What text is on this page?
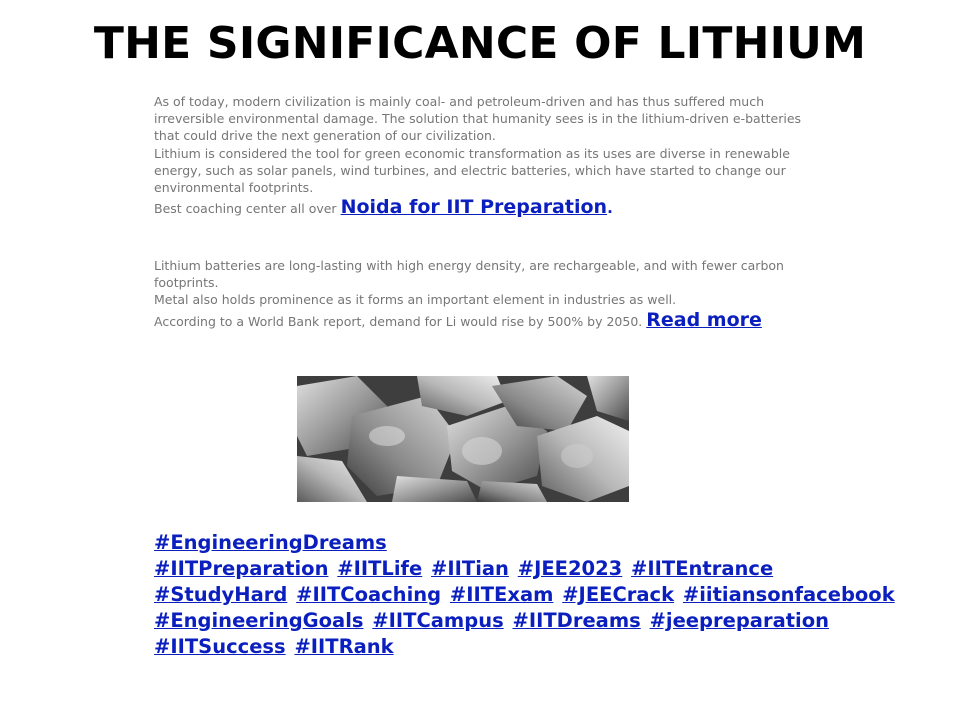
THE SIGNIFICANCE OF LITHIUM

As of today, modern civilization is mainly coal- and petroleum-driven and has thus suffered much irreversible environmental damage. The solution that humanity sees is in the lithium-driven e-batteries that could drive the next generation of our civilization.

Lithium is considered the tool for green economic transformation as its uses are diverse in renewable energy, such as solar panels, wind turbines, and electric batteries, which have started to change our environmental footprints.

Best coaching center all over Noida for IIT Preparation.

Lithium batteries are long-lasting with high energy density, are rechargeable, and with fewer carbon footprints.

Metal also holds prominence as it forms an important element in industries as well.

According to a World Bank report, demand for Li would rise by 500% by 2050. Read more

#EngineeringDreams
#IITPreparation #IITLife #IITian #JEE2023 #IITEntrance
#StudyHard #IITCoaching #IITExam #JEECrack #iitiansonfacebook
#EngineeringGoals #IITCampus #IITDreams #jeepreparation
#IITSuccess #IITRank
